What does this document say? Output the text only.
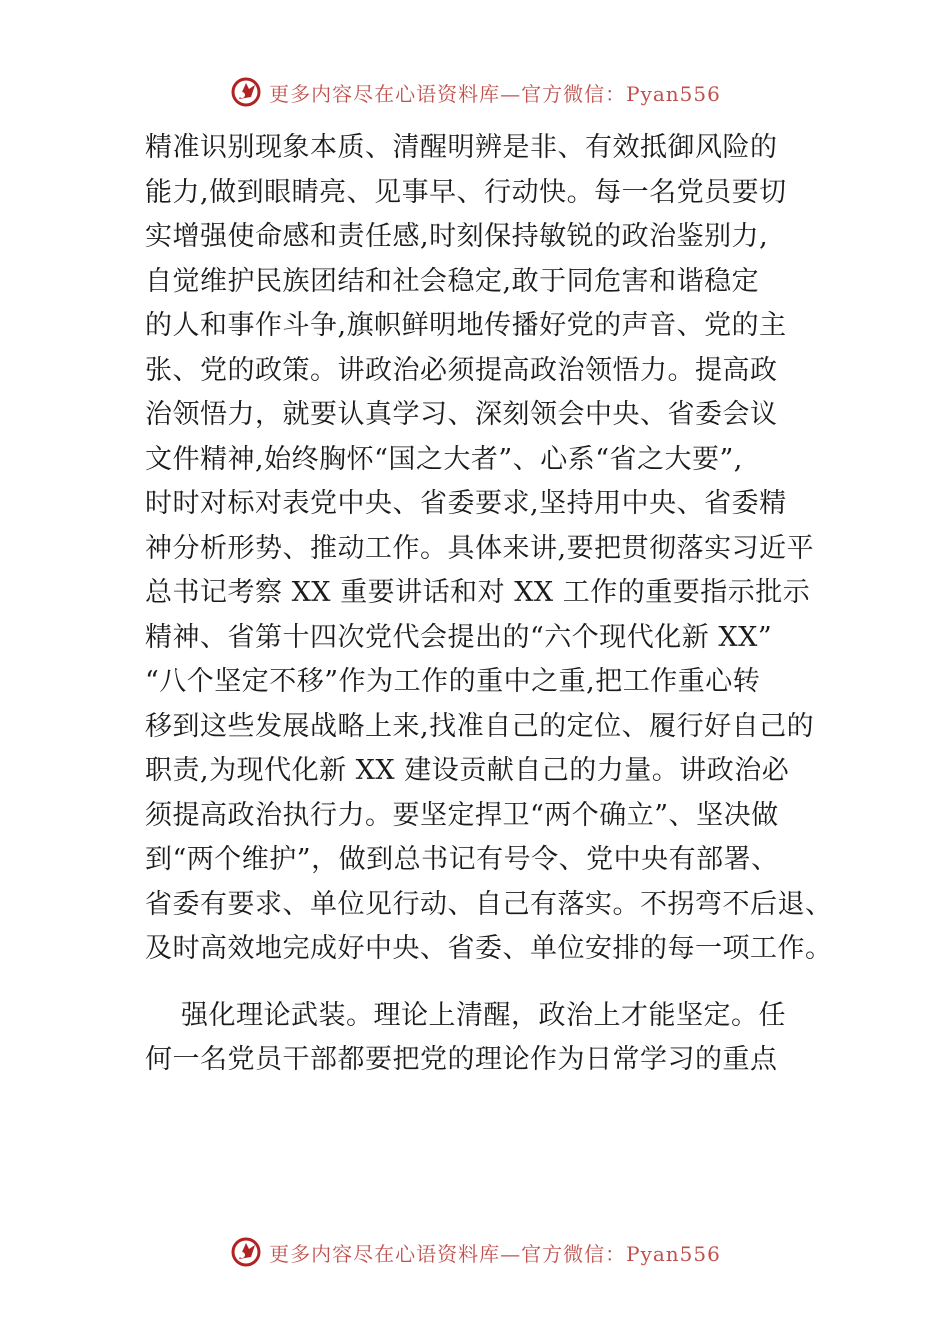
更多内容尽在心语资料库—官方微信：Pyan556
精准识别现象本质、清醒明辨是非、有效抵御风险的
能力,做到眼睛亮、见事早、行动快。每一名党员要切
实增强使命感和责任感,时刻保持敏锐的政治鉴别力,
自觉维护民族团结和社会稳定,敢于同危害和谐稳定
的人和事作斗争,旗帜鲜明地传播好党的声音、党的主
张、党的政策。讲政治必须提高政治领悟力。提高政
治领悟力，就要认真学习、深刻领会中央、省委会议
文件精神,始终胸怀“国之大者”、心系“省之大要”,
时时对标对表党中央、省委要求,坚持用中央、省委精
神分析形势、推动工作。具体来讲,要把贯彻落实习近平
总书记考察 XX 重要讲话和对 XX 工作的重要指示批示
精神、省第十四次党代会提出的“六个现代化新 XX”
“八个坚定不移”作为工作的重中之重,把工作重心转
移到这些发展战略上来,找准自己的定位、履行好自己的
职责,为现代化新 XX 建设贡献自己的力量。讲政治必
须提高政治执行力。要坚定捍卫“两个确立”、坚决做
到“两个维护”，做到总书记有号令、党中央有部署、
省委有要求、单位见行动、自己有落实。不拐弯不后退、
及时高效地完成好中央、省委、单位安排的每一项工作。
强化理论武装。理论上清醒，政治上才能坚定。任
何一名党员干部都要把党的理论作为日常学习的重点
更多内容尽在心语资料库—官方微信：Pyan556
